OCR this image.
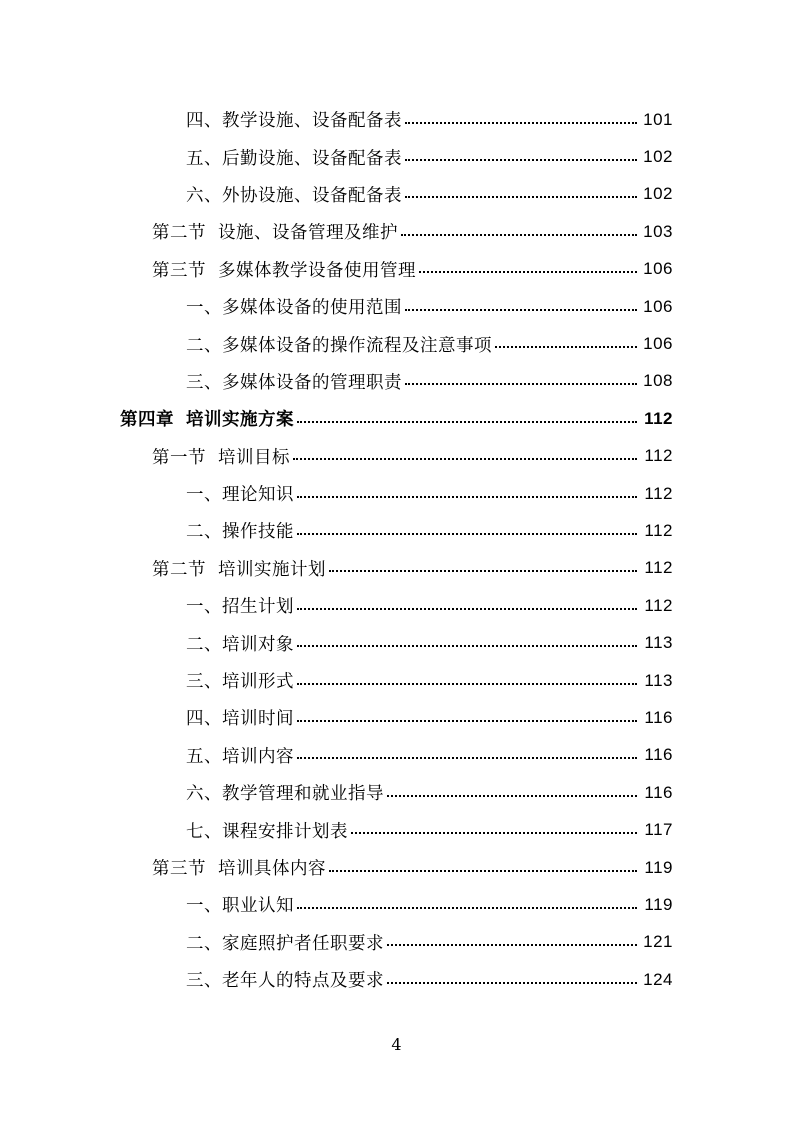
四、教学设施、设备配备表	101
五、后勤设施、设备配备表	102
六、外协设施、设备配备表	102
第二节 设施、设备管理及维护	103
第三节 多媒体教学设备使用管理	106
一、多媒体设备的使用范围	106
二、多媒体设备的操作流程及注意事项	106
三、多媒体设备的管理职责	108
第四章 培训实施方案	112
第一节 培训目标	112
一、理论知识	112
二、操作技能	112
第二节 培训实施计划	112
一、招生计划	112
二、培训对象	113
三、培训形式	113
四、培训时间	116
五、培训内容	116
六、教学管理和就业指导	116
七、课程安排计划表	117
第三节 培训具体内容	119
一、职业认知	119
二、家庭照护者任职要求	121
三、老年人的特点及要求	124
4
